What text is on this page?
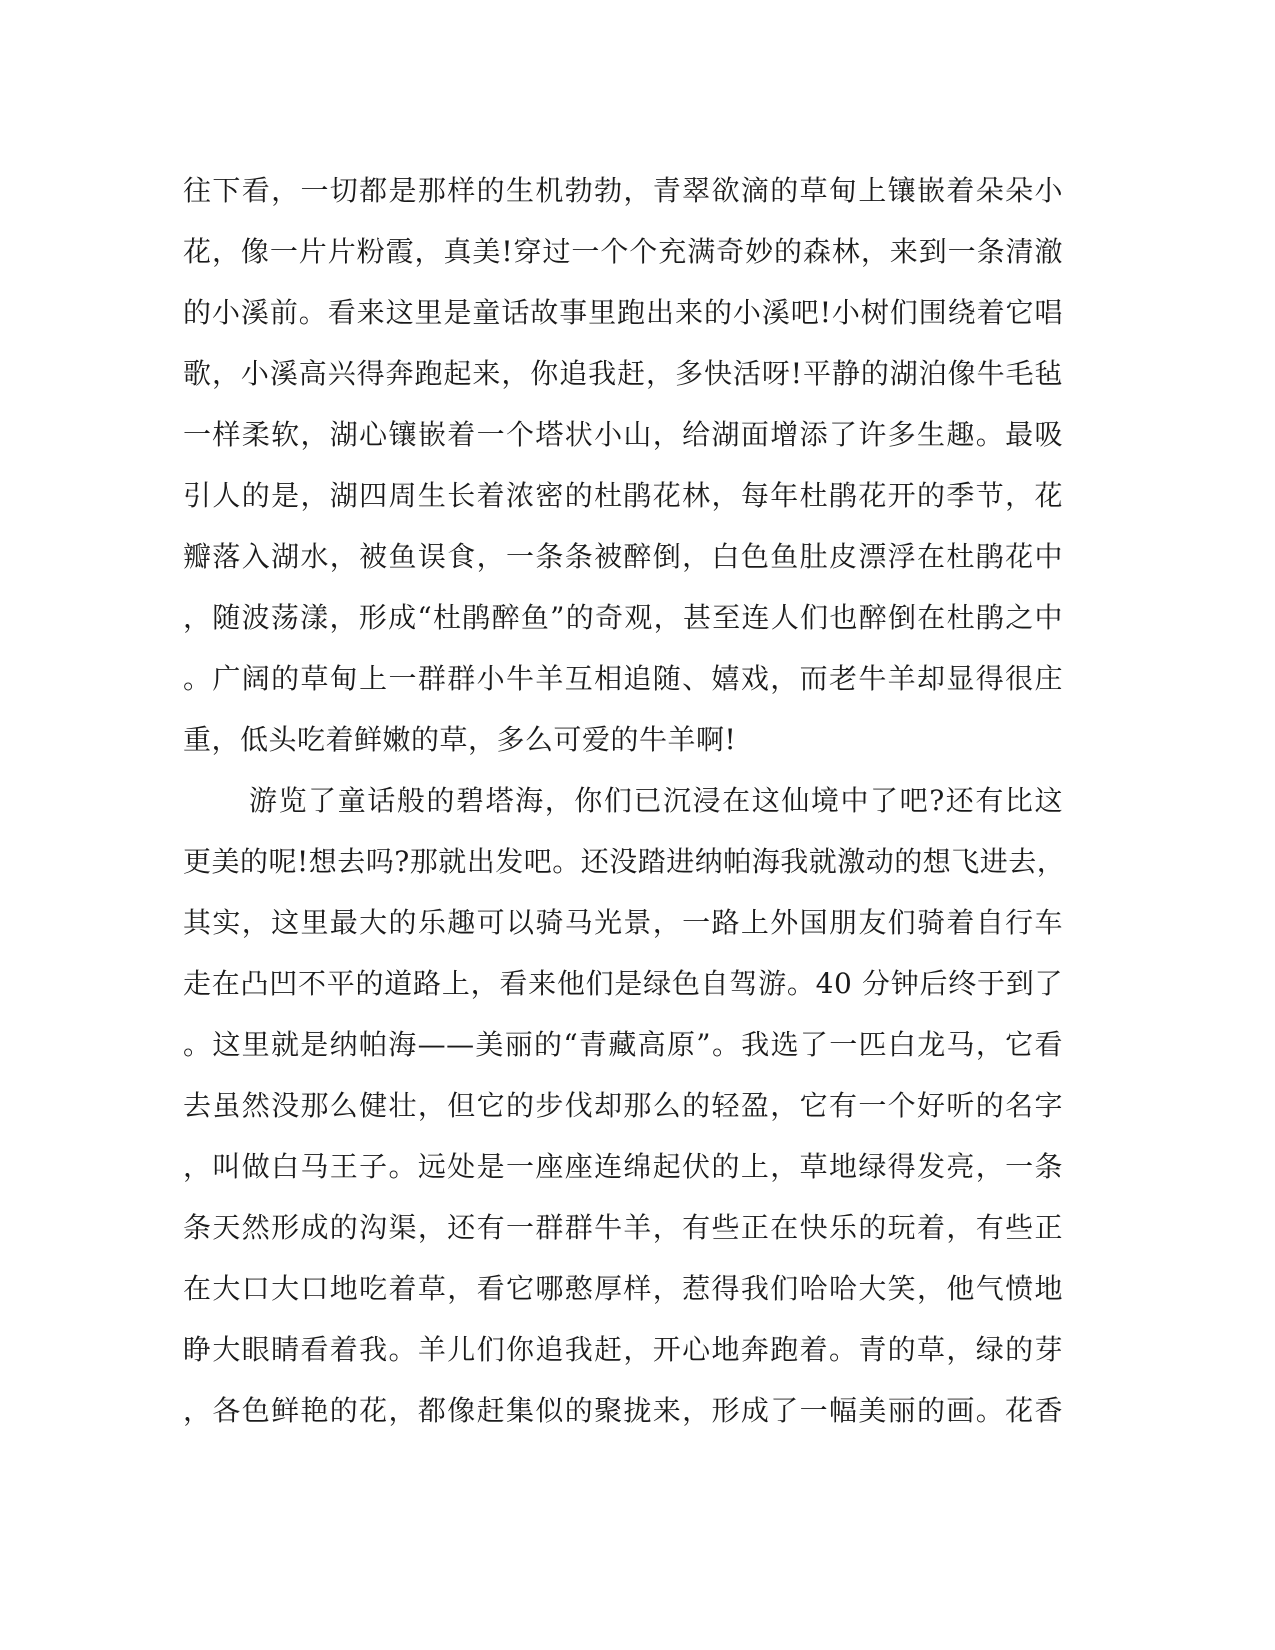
往下看，一切都是那样的生机勃勃，青翠欲滴的草甸上镶嵌着朵朵小
花，像一片片粉霞，真美!穿过一个个充满奇妙的森林，来到一条清澈
的小溪前。看来这里是童话故事里跑出来的小溪吧!小树们围绕着它唱
歌，小溪高兴得奔跑起来，你追我赶，多快活呀!平静的湖泊像牛毛毡
一样柔软，湖心镶嵌着一个塔状小山，给湖面增添了许多生趣。最吸
引人的是，湖四周生长着浓密的杜鹃花林，每年杜鹃花开的季节，花
瓣落入湖水，被鱼误食，一条条被醉倒，白色鱼肚皮漂浮在杜鹃花中
，随波荡漾，形成“杜鹃醉鱼”的奇观，甚至连人们也醉倒在杜鹃之中
。广阔的草甸上一群群小牛羊互相追随、嬉戏，而老牛羊却显得很庄
重，低头吃着鲜嫩的草，多么可爱的牛羊啊!
游览了童话般的碧塔海，你们已沉浸在这仙境中了吧?还有比这
更美的呢!想去吗?那就出发吧。还没踏进纳帕海我就激动的想飞进去，
其实，这里最大的乐趣可以骑马光景，一路上外国朋友们骑着自行车
走在凸凹不平的道路上，看来他们是绿色自驾游。40 分钟后终于到了
。这里就是纳帕海——美丽的“青藏高原”。我选了一匹白龙马，它看
去虽然没那么健壮，但它的步伐却那么的轻盈，它有一个好听的名字
，叫做白马王子。远处是一座座连绵起伏的上，草地绿得发亮，一条
条天然形成的沟渠，还有一群群牛羊，有些正在快乐的玩着，有些正
在大口大口地吃着草，看它哪憨厚样，惹得我们哈哈大笑，他气愤地
睁大眼睛看着我。羊儿们你追我赶，开心地奔跑着。青的草，绿的芽
，各色鲜艳的花，都像赶集似的聚拢来，形成了一幅美丽的画。花香
